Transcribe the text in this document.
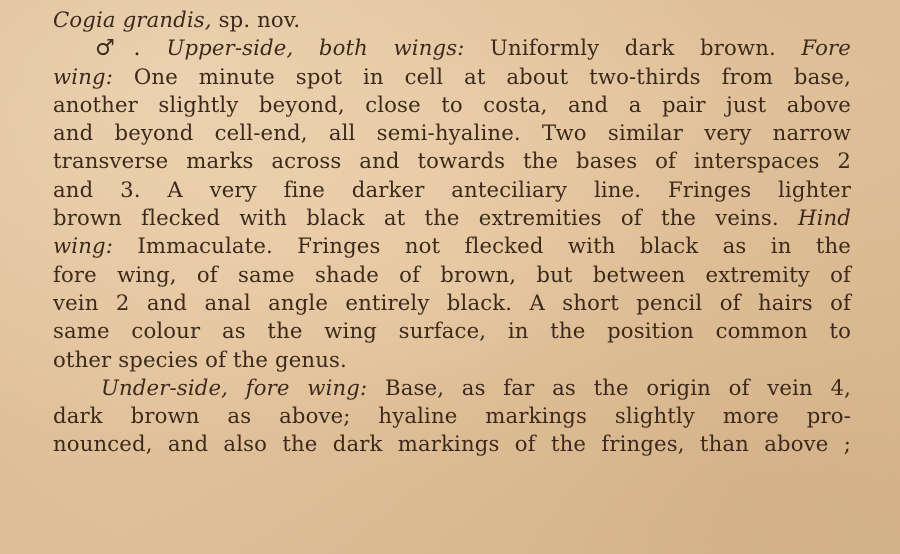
Cogia grandis, sp. nov.
♂. Upper-side, both wings: Uniformly dark brown. Fore
wing: One minute spot in cell at about two-thirds from base,
another slightly beyond, close to costa, and a pair just above
and beyond cell-end, all semi-hyaline. Two similar very narrow
transverse marks across and towards the bases of interspaces 2
and 3. A very fine darker anteciliary line. Fringes lighter
brown flecked with black at the extremities of the veins. Hind
wing: Immaculate. Fringes not flecked with black as in the
fore wing, of same shade of brown, but between extremity of
vein 2 and anal angle entirely black. A short pencil of hairs of
same colour as the wing surface, in the position common to
other species of the genus.
Under-side, fore wing: Base, as far as the origin of vein 4,
dark brown as above; hyaline markings slightly more pro-
nounced, and also the dark markings of the fringes, than above ;
